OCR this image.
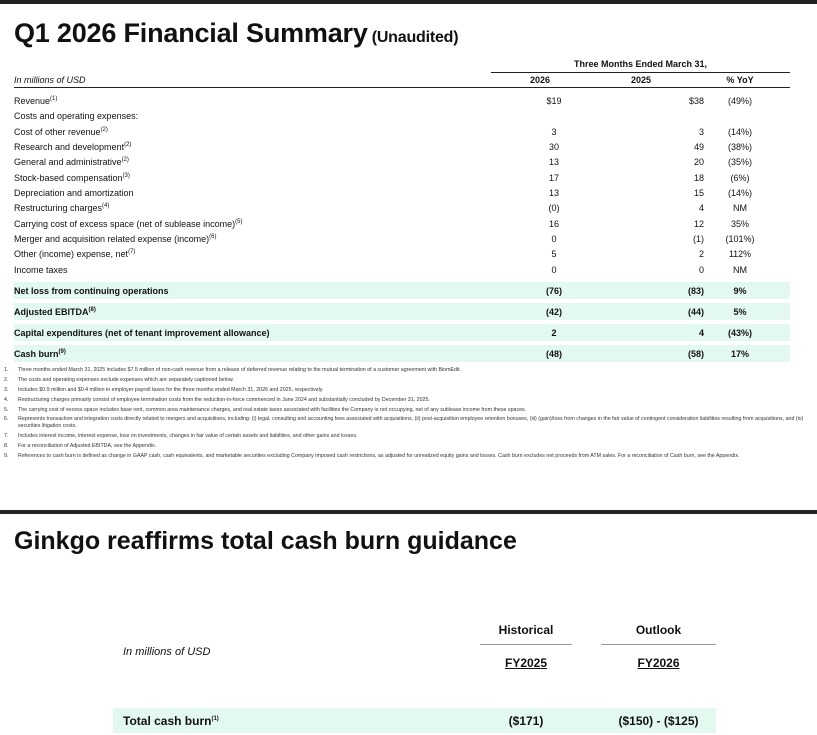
Q1 2026 Financial Summary (Unaudited)
Three Months Ended March 31,
In millions of USD	2026	2025	% YoY
Revenue$^{(1)}$	$19	$38	(49%)
Costs and operating expenses:
Cost of other revenue$^{(2)}$	3	3	(14%)
Research and development$^{(2)}$	30	49	(38%)
General and administrative$^{(2)}$	13	20	(35%)
Stock-based compensation$^{(3)}$	17	18	(6%)
Depreciation and amortization	13	15	(14%)
Restructuring charges$^{(4)}$	(0)	4	NM
Carrying cost of excess space (net of sublease income)$^{(5)}$	16	12	35%
Merger and acquisition related expense (income)$^{(6)}$	0	(1)	(101%)
Other (income) expense, net$^{(7)}$	5	2	112%
Income taxes	0	0	NM
Net loss from continuing operations	(76)	(83)	9%
Adjusted EBITDA$^{(8)}$	(42)	(44)	5%
Capital expenditures (net of tenant improvement allowance)	2	4	(43%)
Cash burn$^{(9)}$	(48)	(58)	17%
1. Three months ended March 31, 2025 includes $7.5 million of non-cash revenue from a release of deferred revenue relating to the mutual termination of a customer agreement with BiomEdit.
2. The costs and operating expenses exclude expenses which are separately captioned below.
3. Includes $0.9 million and $0.4 million in employer payroll taxes for the three months ended March 31, 2026 and 2025, respectively.
4. Restructuring charges primarily consist of employee termination costs from the reduction-in-force commenced in June 2024 and substantially concluded by December 31, 2025.
5. The carrying cost of excess space includes base rent, common area maintenance charges, and real estate taxes associated with facilities the Company is not occupying, net of any sublease income from these spaces.
6. Represents transaction and integration costs directly related to mergers and acquisitions, including: (i) legal, consulting and accounting fees associated with acquisitions, (ii) post-acquisition employee retention bonuses, (iii) (gain)/loss from changes in the fair value of contingent consideration liabilities resulting from acquisitions, and (iv) securities litigation costs.
7. Includes interest income, interest expense, loss on investments, changes in fair value of certain assets and liabilities, and other gains and losses.
8. For a reconciliation of Adjusted EBITDA, see the Appendix.
9. References to cash burn is defined as change in GAAP cash, cash equivalents, and marketable securities excluding Company imposed cash restrictions, as adjusted for unrealized equity gains and losses. Cash burn excludes net proceeds from ATM sales. For a reconciliation of Cash burn, see the Appendix.
Ginkgo reaffirms total cash burn guidance
Historical	Outlook
In millions of USD
FY2025	FY2026
Total cash burn$^{(1)}$	($171)	($150) - ($125)
